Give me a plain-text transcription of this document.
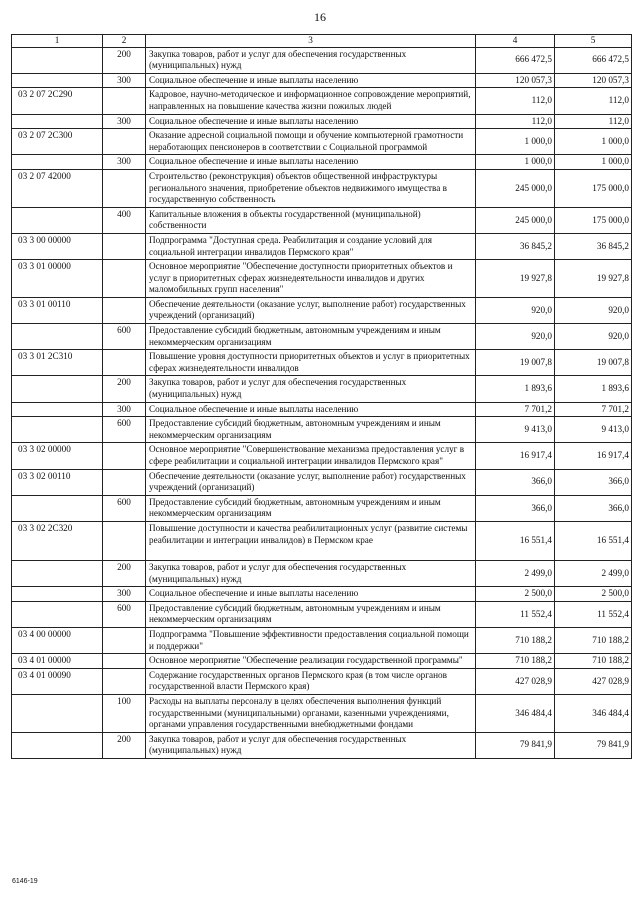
16
1	2	3	4	5
	200	Закупка товаров, работ и услуг для обеспечения государственных (муниципальных) нужд	666 472,5	666 472,5
	300	Социальное обеспечение и иные выплаты населению	120 057,3	120 057,3
03 2 07 2С290		Кадровое, научно-методическое и информационное сопровождение мероприятий, направленных на повышение качества жизни пожилых людей	112,0	112,0
	300	Социальное обеспечение и иные выплаты населению	112,0	112,0
03 2 07 2С300		Оказание адресной социальной помощи и обучение компьютерной грамотности неработающих пенсионеров в соответствии с Социальной программой	1 000,0	1 000,0
	300	Социальное обеспечение и иные выплаты населению	1 000,0	1 000,0
03 2 07 42000		Строительство (реконструкция) объектов общественной инфраструктуры регионального значения, приобретение объектов недвижимого имущества в государственную собственность	245 000,0	175 000,0
	400	Капитальные вложения в объекты государственной (муниципальной) собственности	245 000,0	175 000,0
03 3 00 00000		Подпрограмма "Доступная среда. Реабилитация и создание условий для социальной интеграции инвалидов Пермского края"	36 845,2	36 845,2
03 3 01 00000		Основное мероприятие "Обеспечение доступности приоритетных объектов и услуг в приоритетных сферах жизнедеятельности инвалидов и других маломобильных групп населения"	19 927,8	19 927,8
03 3 01 00110		Обеспечение деятельности (оказание услуг, выполнение работ) государственных учреждений (организаций)	920,0	920,0
	600	Предоставление субсидий бюджетным, автономным учреждениям и иным некоммерческим организациям	920,0	920,0
03 3 01 2С310		Повышение уровня доступности приоритетных объектов и услуг в приоритетных сферах жизнедеятельности инвалидов	19 007,8	19 007,8
	200	Закупка товаров, работ и услуг для обеспечения государственных (муниципальных) нужд	1 893,6	1 893,6
	300	Социальное обеспечение и иные выплаты населению	7 701,2	7 701,2
	600	Предоставление субсидий бюджетным, автономным учреждениям и иным некоммерческим организациям	9 413,0	9 413,0
03 3 02 00000		Основное мероприятие "Совершенствование механизма предоставления услуг в сфере реабилитации и социальной интеграции инвалидов Пермского края"	16 917,4	16 917,4
03 3 02 00110		Обеспечение деятельности (оказание услуг, выполнение работ) государственных учреждений (организаций)	366,0	366,0
	600	Предоставление субсидий бюджетным, автономным учреждениям и иным некоммерческим организациям	366,0	366,0
03 3 02 2С320		Повышение доступности и качества реабилитационных услуг (развитие системы реабилитации и интеграции инвалидов) в Пермском крае	16 551,4	16 551,4
	200	Закупка товаров, работ и услуг для обеспечения государственных (муниципальных) нужд	2 499,0	2 499,0
	300	Социальное обеспечение и иные выплаты населению	2 500,0	2 500,0
	600	Предоставление субсидий бюджетным, автономным учреждениям и иным некоммерческим организациям	11 552,4	11 552,4
03 4 00 00000		Подпрограмма "Повышение эффективности предоставления социальной помощи и поддержки"	710 188,2	710 188,2
03 4 01 00000		Основное мероприятие "Обеспечение реализации государственной программы"	710 188,2	710 188,2
03 4 01 00090		Содержание государственных органов Пермского края (в том числе органов государственной власти Пермского края)	427 028,9	427 028,9
	100	Расходы на выплаты персоналу в целях обеспечения выполнения функций государственными (муниципальными) органами, казенными учреждениями, органами управления государственными внебюджетными фондами	346 484,4	346 484,4
	200	Закупка товаров, работ и услуг для обеспечения государственных (муниципальных) нужд	79 841,9	79 841,9
6146-19
